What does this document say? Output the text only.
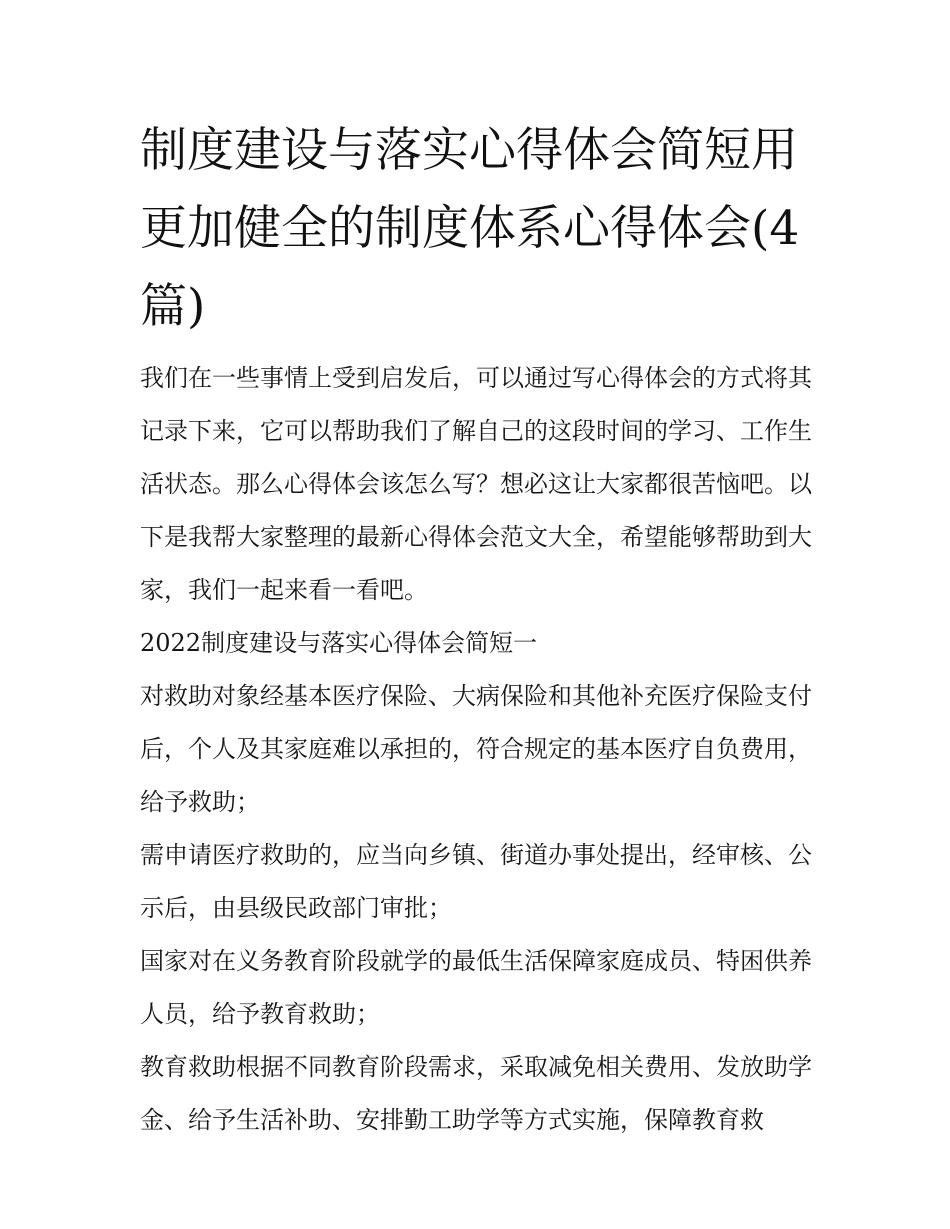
制度建设与落实心得体会简短用更加健全的制度体系心得体会(4篇)

我们在一些事情上受到启发后，可以通过写心得体会的方式将其记录下来，它可以帮助我们了解自己的这段时间的学习、工作生活状态。那么心得体会该怎么写？想必这让大家都很苦恼吧。以下是我帮大家整理的最新心得体会范文大全，希望能够帮助到大家，我们一起来看一看吧。

2022制度建设与落实心得体会简短一

对救助对象经基本医疗保险、大病保险和其他补充医疗保险支付后，个人及其家庭难以承担的，符合规定的基本医疗自负费用，给予救助；

需申请医疗救助的，应当向乡镇、街道办事处提出，经审核、公示后，由县级民政部门审批；

国家对在义务教育阶段就学的最低生活保障家庭成员、特困供养人员，给予教育救助；

教育救助根据不同教育阶段需求，采取减免相关费用、发放助学金、给予生活补助、安排勤工助学等方式实施，保障教育救
